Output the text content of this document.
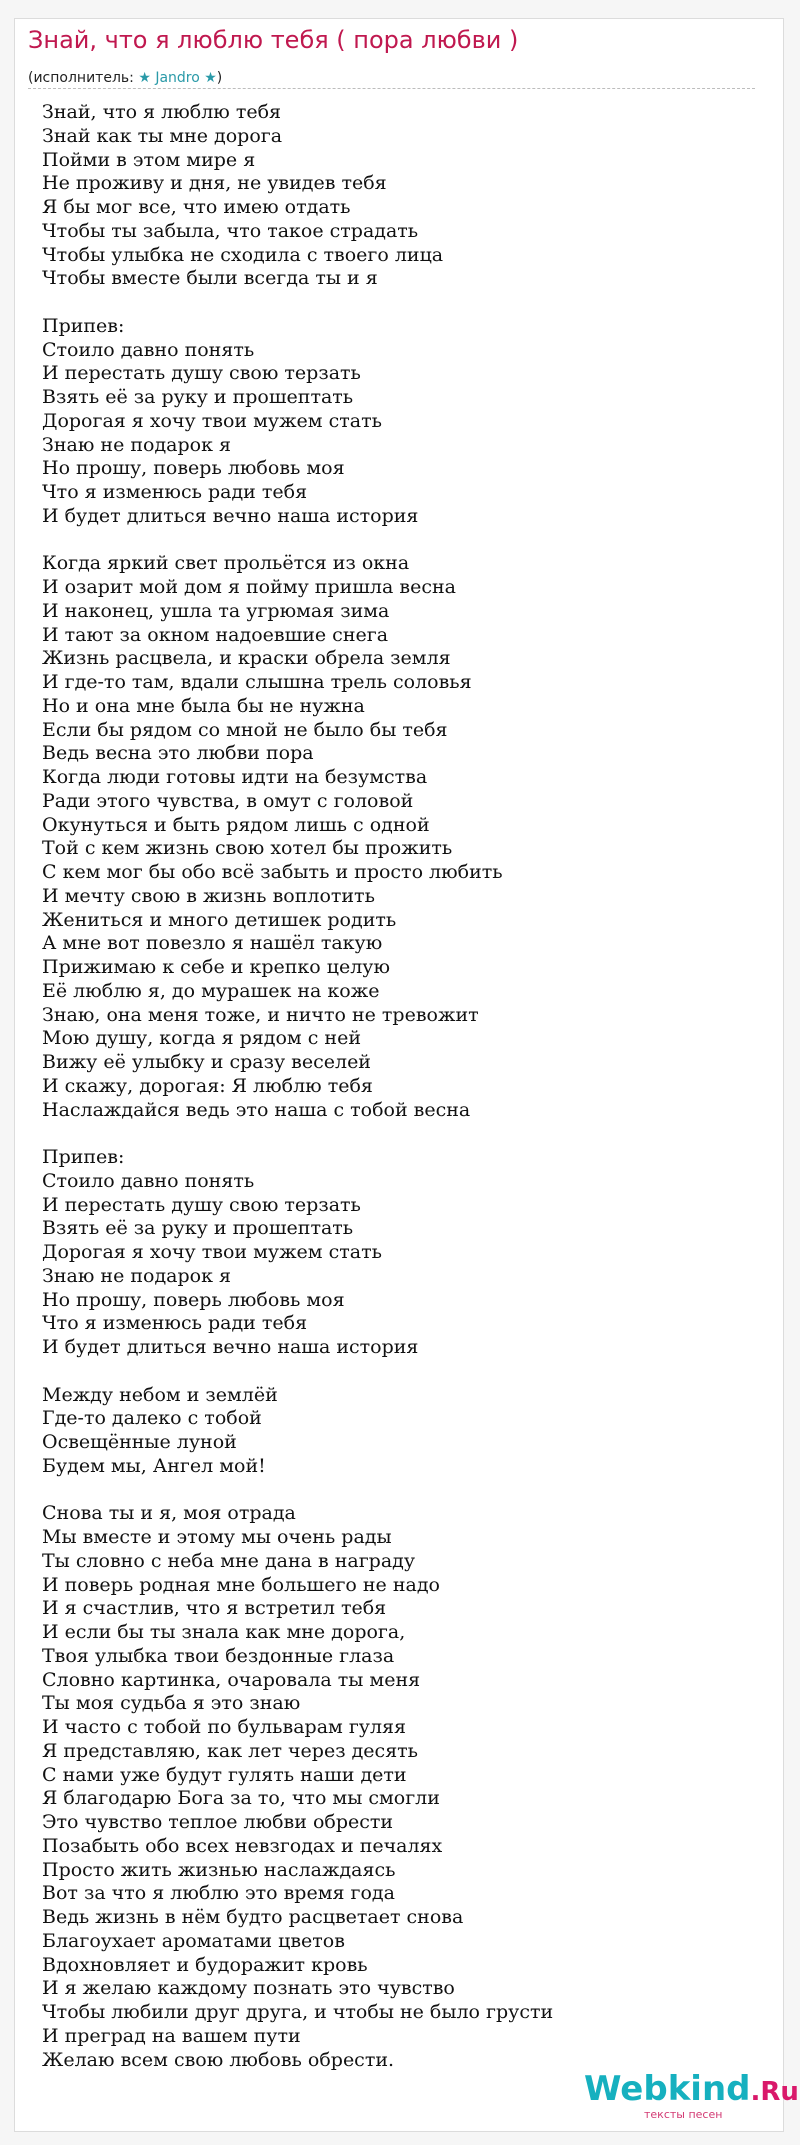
Знай, что я люблю тебя ( пора любви )
(исполнитель: ★ Jandro ★)
Знай, что я люблю тебя
Знай как ты мне дорога
Пойми в этом мире я
Не проживу и дня, не увидев тебя
Я бы мог все, что имею отдать
Чтобы ты забыла, что такое страдать
Чтобы улыбка не сходила с твоего лица
Чтобы вместе были всегда ты и я
Припев:
Стоило давно понять
И перестать душу свою терзать
Взять её за руку и прошептать
Дорогая я хочу твои мужем стать
Знаю не подарок я
Но прошу, поверь любовь моя
Что я изменюсь ради тебя
И будет длиться вечно наша история
Когда яркий свет прольётся из окна
И озарит мой дом я пойму пришла весна
И наконец, ушла та угрюмая зима
И тают за окном надоевшие снега
Жизнь расцвела, и краски обрела земля
И где-то там, вдали слышна трель соловья
Но и она мне была бы не нужна
Если бы рядом со мной не было бы тебя
Ведь весна это любви пора
Когда люди готовы идти на безумства
Ради этого чувства, в омут с головой
Окунуться и быть рядом лишь с одной
Той с кем жизнь свою хотел бы прожить
С кем мог бы обо всё забыть и просто любить
И мечту свою в жизнь воплотить
Жениться и много детишек родить
А мне вот повезло я нашёл такую
Прижимаю к себе и крепко целую
Её люблю я, до мурашек на коже
Знаю, она меня тоже, и ничто не тревожит
Мою душу, когда я рядом с ней
Вижу её улыбку и сразу веселей
И скажу, дорогая: Я люблю тебя
Наслаждайся ведь это наша с тобой весна
Припев:
Стоило давно понять
И перестать душу свою терзать
Взять её за руку и прошептать
Дорогая я хочу твои мужем стать
Знаю не подарок я
Но прошу, поверь любовь моя
Что я изменюсь ради тебя
И будет длиться вечно наша история
Между небом и землёй
Где-то далеко с тобой
Освещённые луной
Будем мы, Ангел мой!
Снова ты и я, моя отрада
Мы вместе и этому мы очень рады
Ты словно с неба мне дана в награду
И поверь родная мне большего не надо
И я счастлив, что я встретил тебя
И если бы ты знала как мне дорога,
Твоя улыбка твои бездонные глаза
Словно картинка, очаровала ты меня
Ты моя судьба я это знаю
И часто с тобой по бульварам гуляя
Я представляю, как лет через десять
С нами уже будут гулять наши дети
Я благодарю Бога за то, что мы смогли
Это чувство теплое любви обрести
Позабыть обо всех невзгодах и печалях
Просто жить жизнью наслаждаясь
Вот за что я люблю это время года
Ведь жизнь в нём будто расцветает снова
Благоухает ароматами цветов
Вдохновляет и будоражит кровь
И я желаю каждому познать это чувство
Чтобы любили друг друга, и чтобы не было грусти
И преград на вашем пути
Желаю всем свою любовь обрести.
Webkind.Ru
тексты песен
